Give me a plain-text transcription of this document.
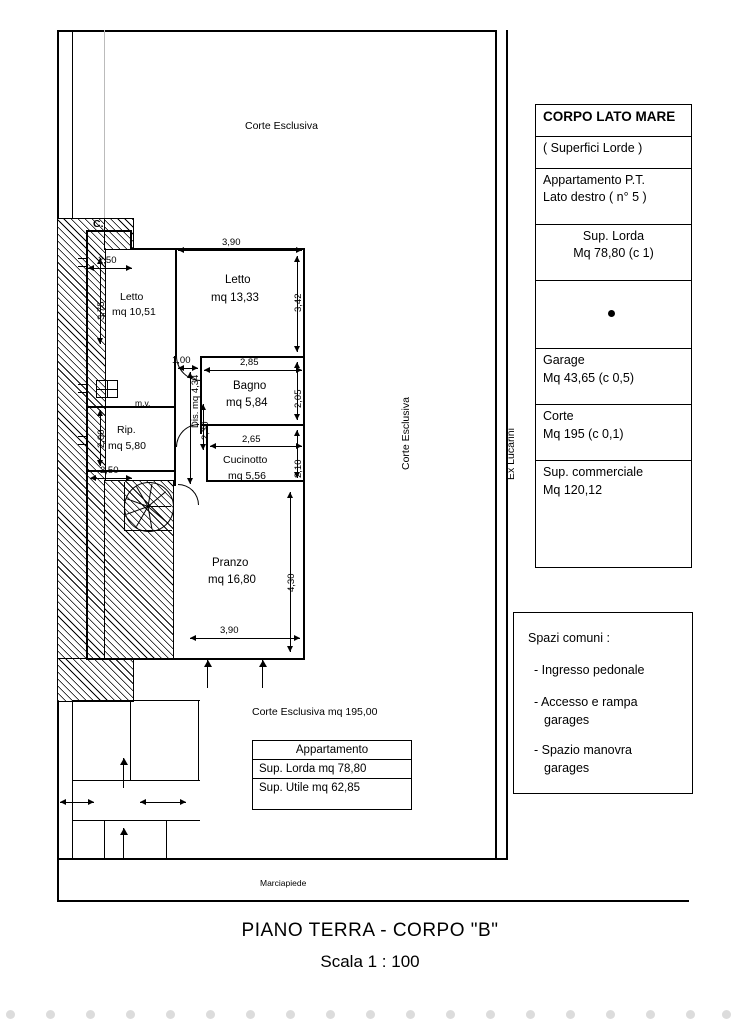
Corte Esclusiva
Corte Esclusiva	Ex Lucarini
C.
m.v.	Dis. mq 4,34
Letto
mq 10,51
Letto
mq 13,33
Bagno
mq 5,84
Rip.
mq 5,80
Cucinotto
mq 5,56
Pranzo
mq 16,80
2,50
3,90
3,75	3,42
1,00	2,85
2,05
2,30
2,00	2,65
2,10
2,50
4,30
3,90
Corte Esclusiva mq 195,00
Marciapiede
Appartamento
Sup. Lorda mq 78,80
Sup. Utile mq 62,85
CORPO LATO MARE
( Superfici Lorde )
Appartamento P.T.
Lato destro ( n° 5 )
Sup. Lorda
Mq 78,80 (c 1)
Garage
Mq 43,65 (c 0,5)
Corte
Mq 195 (c 0,1)
Sup. commerciale
Mq 120,12
Spazi comuni :
- Ingresso pedonale
- Accesso e rampa
garages
- Spazio manovra
garages
PIANO TERRA - CORPO "B"
Scala 1 : 100
